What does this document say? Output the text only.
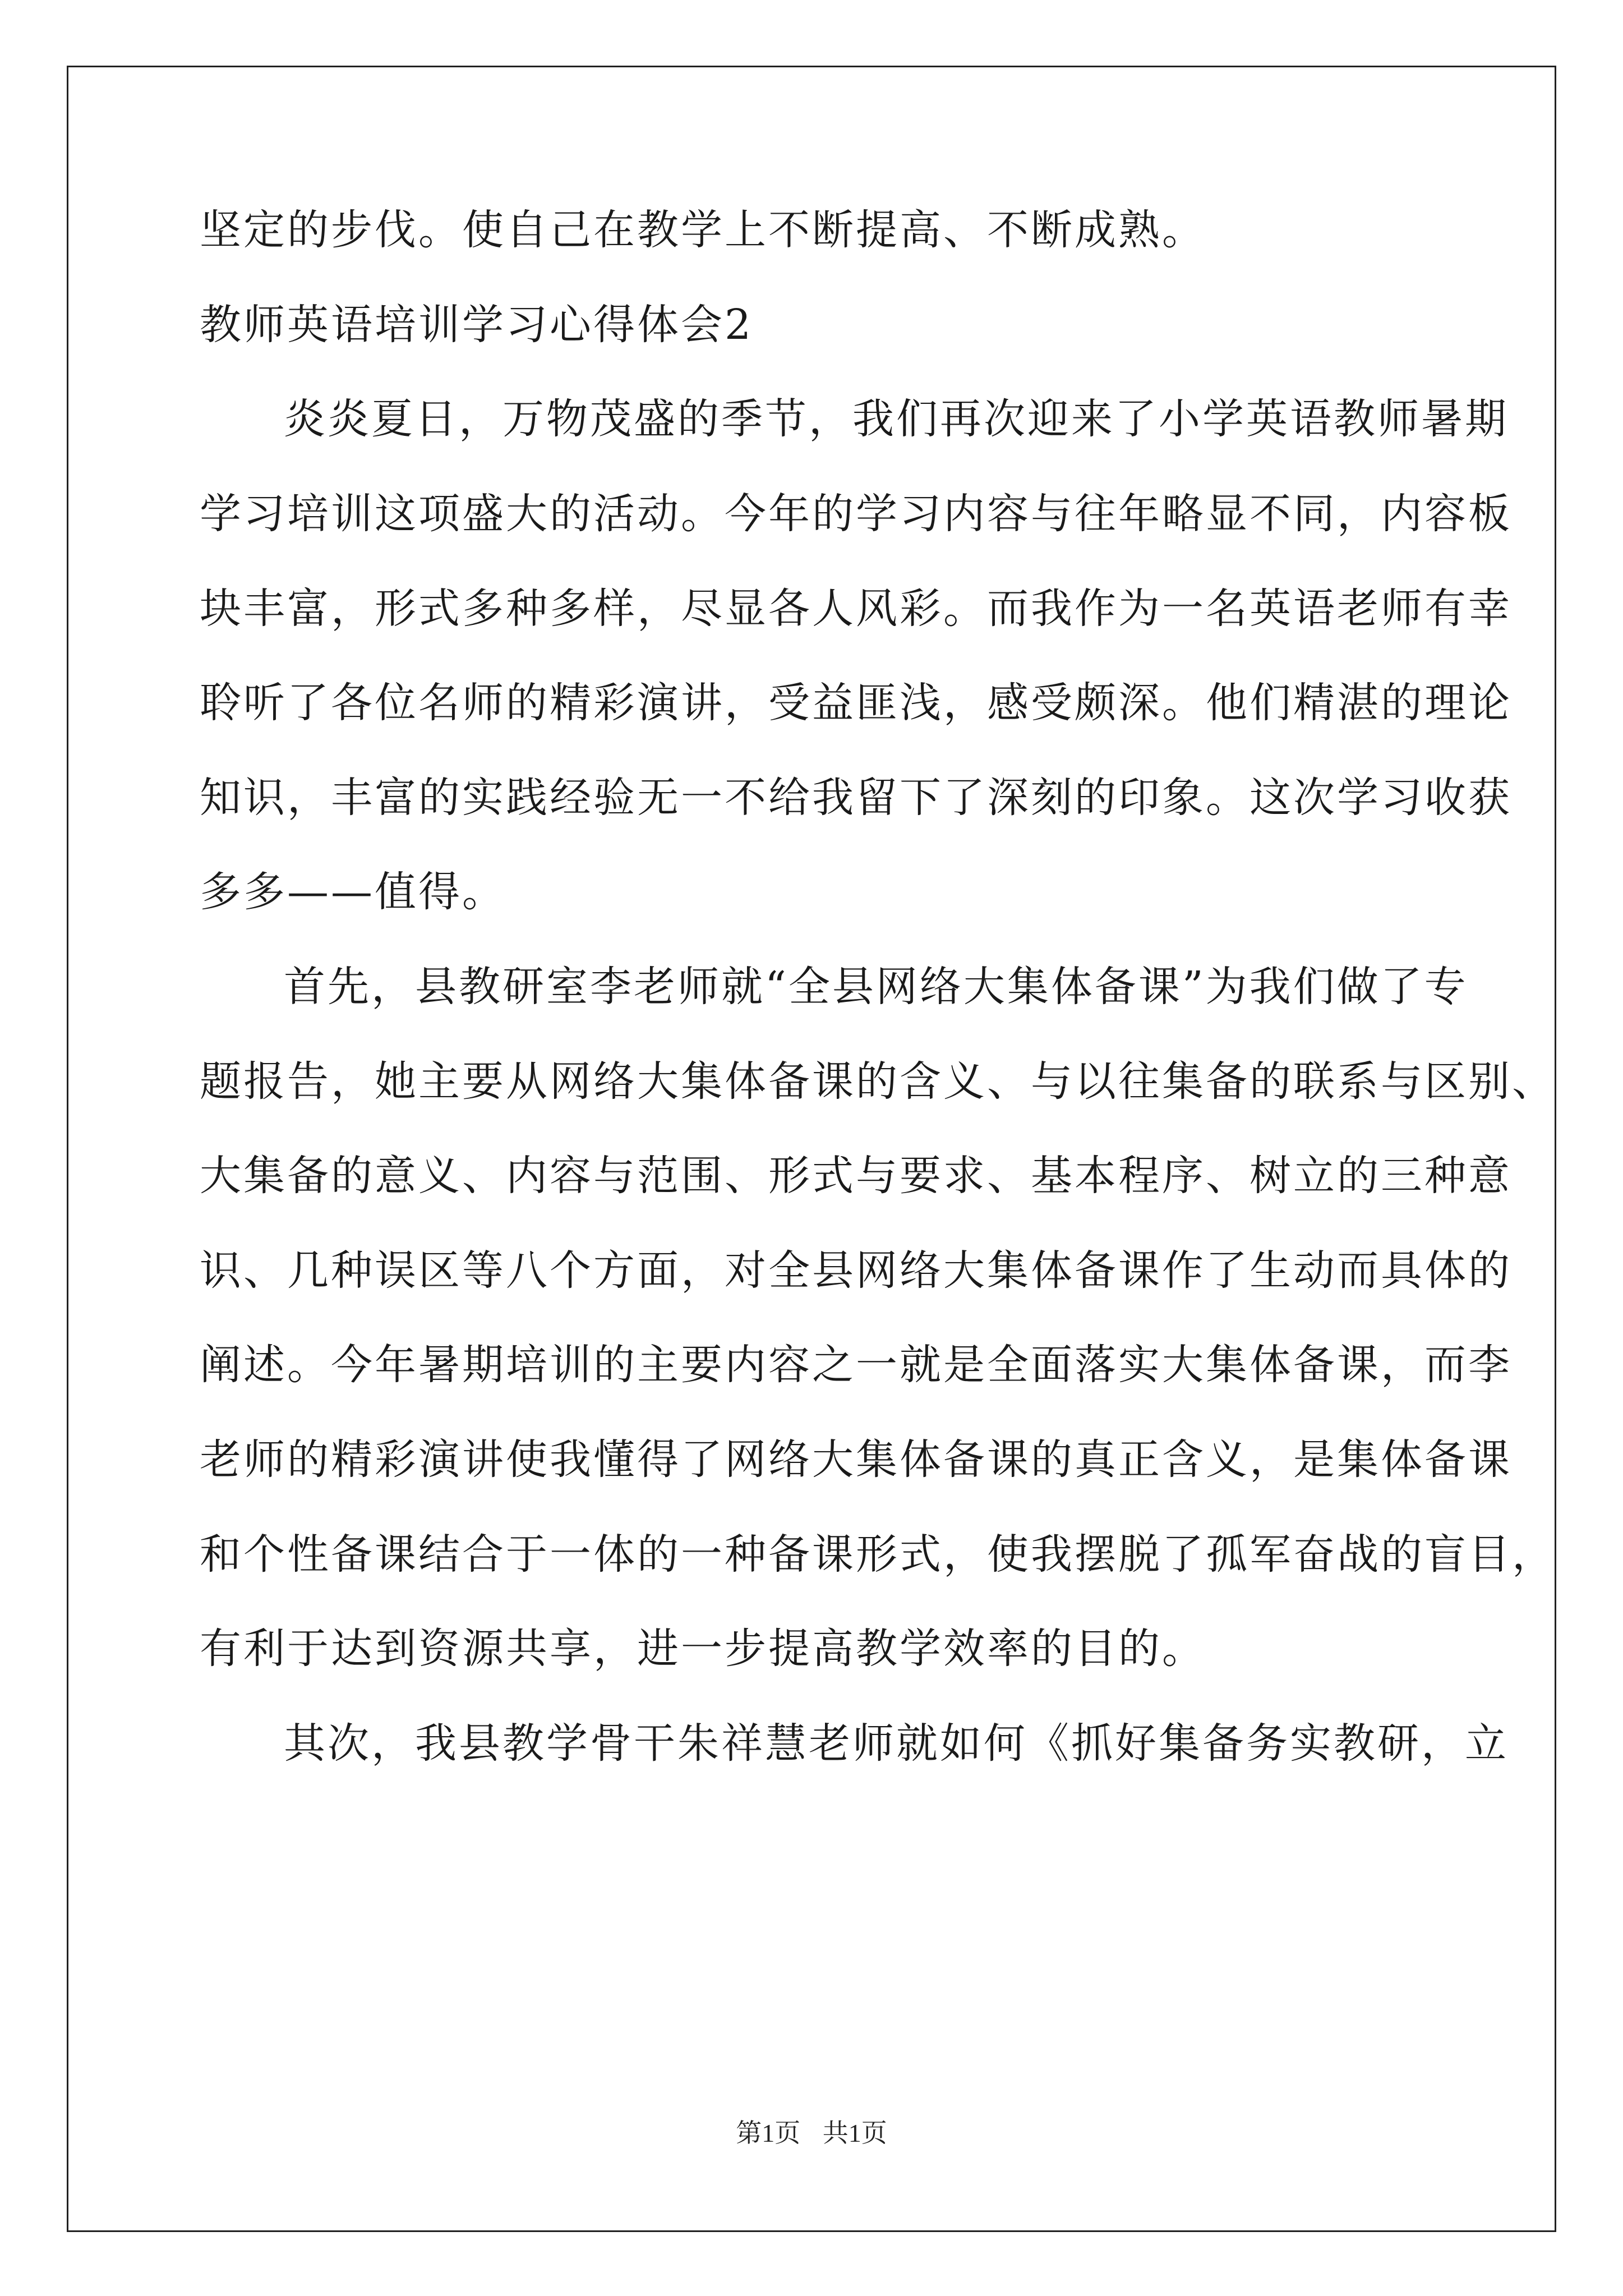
坚定的步伐。使自己在教学上不断提高、不断成熟。

教师英语培训学习心得体会2

炎炎夏日，万物茂盛的季节，我们再次迎来了小学英语教师暑期

学习培训这项盛大的活动。今年的学习内容与往年略显不同，内容板

块丰富，形式多种多样，尽显各人风彩。而我作为一名英语老师有幸

聆听了各位名师的精彩演讲，受益匪浅，感受颇深。他们精湛的理论

知识，丰富的实践经验无一不给我留下了深刻的印象。这次学习收获

多多——值得。

首先，县教研室李老师就“全县网络大集体备课”为我们做了专

题报告，她主要从网络大集体备课的含义、与以往集备的联系与区别、

大集备的意义、内容与范围、形式与要求、基本程序、树立的三种意

识、几种误区等八个方面，对全县网络大集体备课作了生动而具体的

阐述。今年暑期培训的主要内容之一就是全面落实大集体备课，而李

老师的精彩演讲使我懂得了网络大集体备课的真正含义，是集体备课

和个性备课结合于一体的一种备课形式，使我摆脱了孤军奋战的盲目，

有利于达到资源共享，进一步提高教学效率的目的。

其次，我县教学骨干朱祥慧老师就如何《抓好集备务实教研，立

第1页 共1页
